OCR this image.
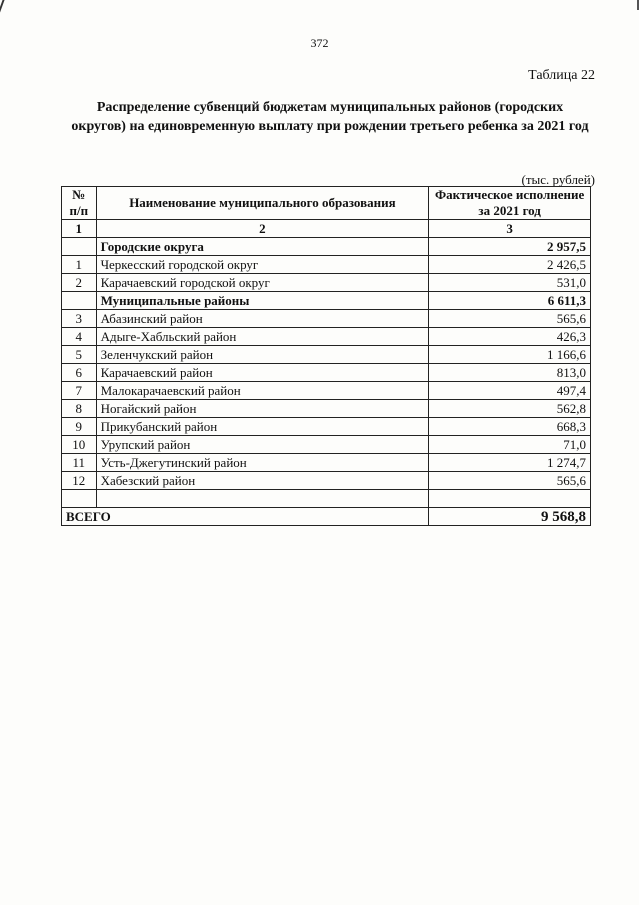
372
Таблица 22
Распределение субвенций бюджетам муниципальных районов (городских округов) на единовременную выплату при рождении третьего ребенка за 2021 год
(тыс. рублей)
№ п/п	Наименование муниципального образования	Фактическое исполнение за 2021 год
1	2	3
	Городские округа	2 957,5
1	Черкесский городской округ	2 426,5
2	Карачаевский городской округ	531,0
	Муниципальные районы	6 611,3
3	Абазинский район	565,6
4	Адыге-Хабльский район	426,3
5	Зеленчукский район	1 166,6
6	Карачаевский район	813,0
7	Малокарачаевский район	497,4
8	Ногайский район	562,8
9	Прикубанский район	668,3
10	Урупский район	71,0
11	Усть-Джегутинский район	1 274,7
12	Хабезский район	565,6

ВСЕГО		9 568,8
